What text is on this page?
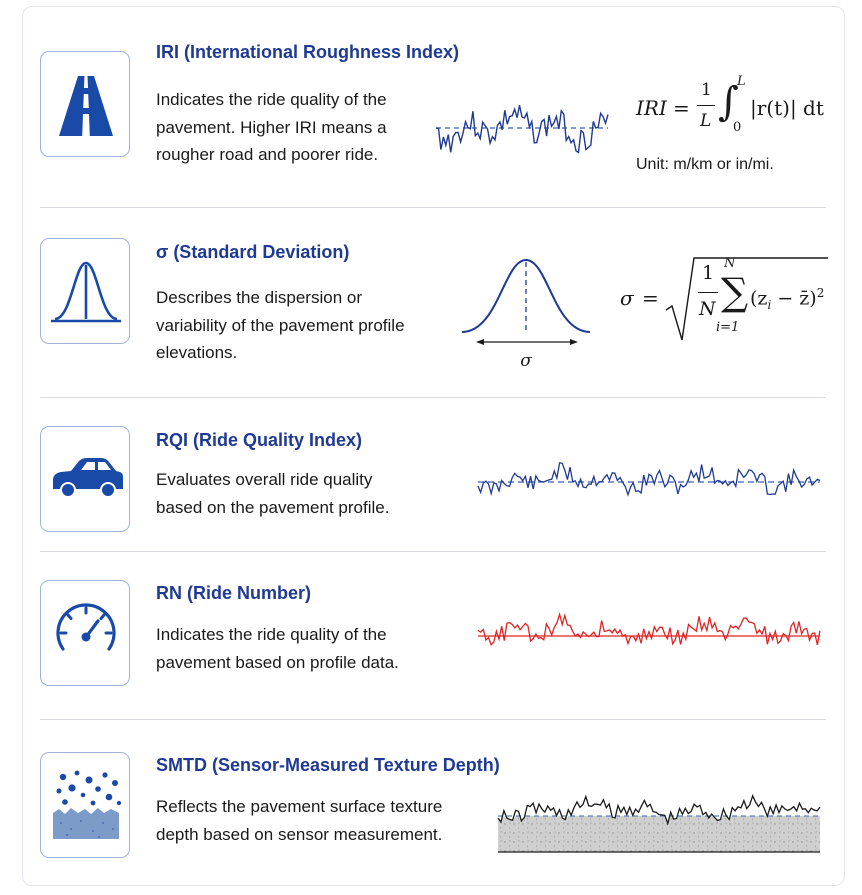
IRI (International Roughness Index)
Indicates the ride quality of the
pavement. Higher IRI means a
rougher road and poorer ride.
IRI =
1
L ∫
L
0
|r(t)| dt
Unit: m/km or in/mi.
σ (Standard Deviation)
Describes the dispersion or
variability of the pavement profile
elevations.	σ
σ =
1
N ∑
N
i=1
($z_i$ − z̄)$^2$
RQI (Ride Quality Index)
Evaluates overall ride quality
based on the pavement profile.
RN (Ride Number)
Indicates the ride quality of the
pavement based on profile data.
SMTD (Sensor-Measured Texture Depth)
Reflects the pavement surface texture
depth based on sensor measurement.
